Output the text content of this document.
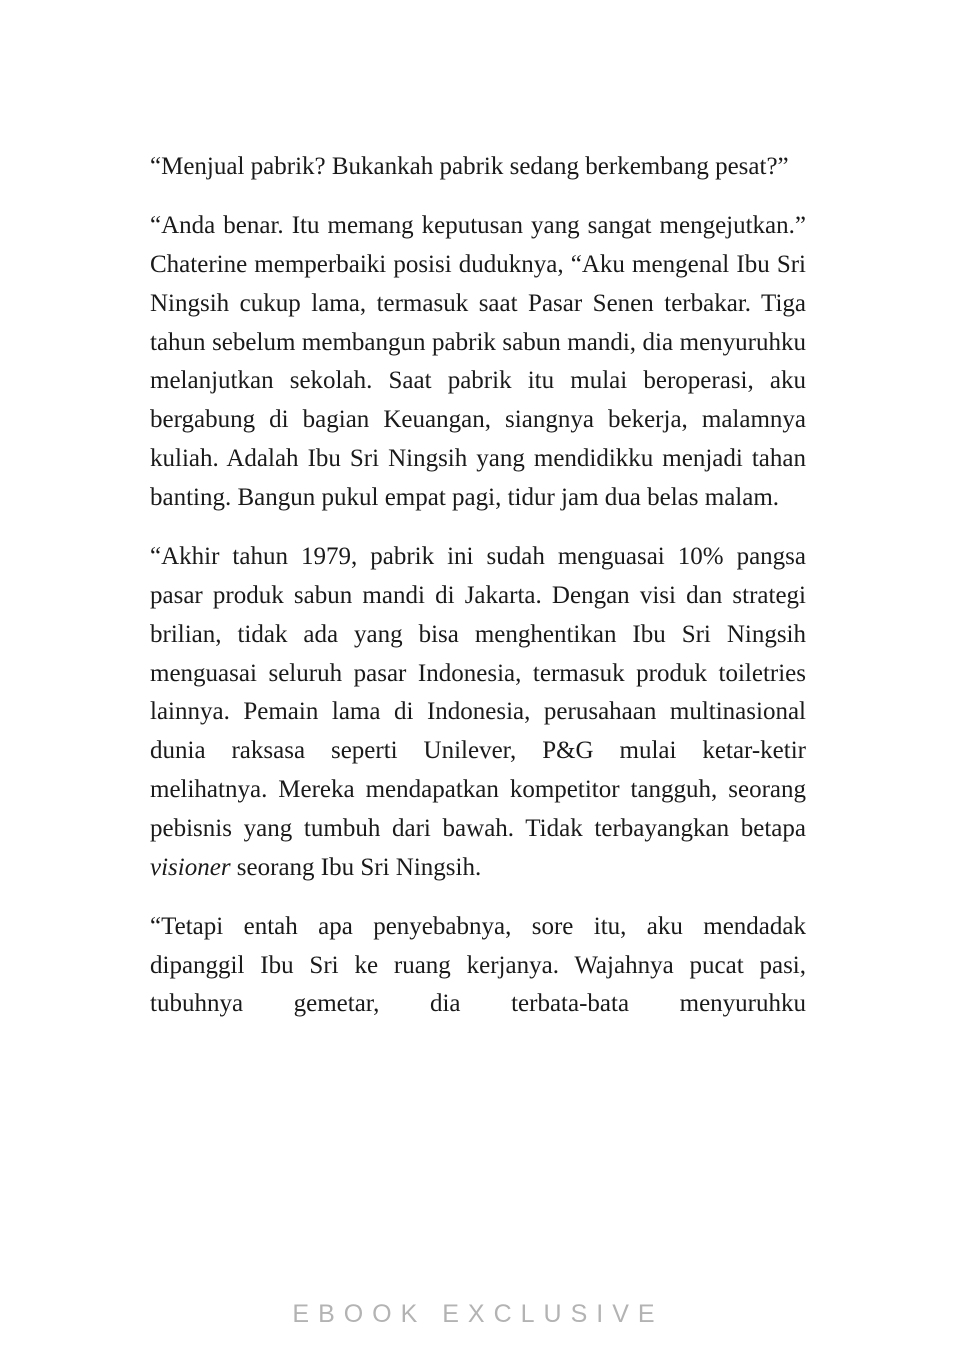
“Menjual pabrik? Bukankah pabrik sedang berkembang pesat?”

“Anda benar. Itu memang keputusan yang sangat mengejutkan.” Chaterine memperbaiki posisi duduknya, “Aku mengenal Ibu Sri Ningsih cukup lama, termasuk saat Pasar Senen terbakar. Tiga tahun sebelum membangun pabrik sabun mandi, dia menyuruhku melanjutkan sekolah. Saat pabrik itu mulai beroperasi, aku bergabung di bagian Keuangan, siangnya bekerja, malamnya kuliah. Adalah Ibu Sri Ningsih yang mendidikku menjadi tahan banting. Bangun pukul empat pagi, tidur jam dua belas malam.

“Akhir tahun 1979, pabrik ini sudah menguasai 10% pangsa pasar produk sabun mandi di Jakarta. Dengan visi dan strategi brilian, tidak ada yang bisa menghentikan Ibu Sri Ningsih menguasai seluruh pasar Indonesia, termasuk produk toiletries lainnya. Pemain lama di Indonesia, perusahaan multinasional dunia raksasa seperti Unilever, P&G mulai ketar-ketir melihatnya. Mereka mendapatkan kompetitor tangguh, seorang pebisnis yang tumbuh dari bawah. Tidak terbayangkan betapa visioner seorang Ibu Sri Ningsih.

“Tetapi entah apa penyebabnya, sore itu, aku mendadak dipanggil Ibu Sri ke ruang kerjanya. Wajahnya pucat pasi, tubuhnya gemetar, dia terbata-bata menyuruhku

EBOOK EXCLUSIVE
